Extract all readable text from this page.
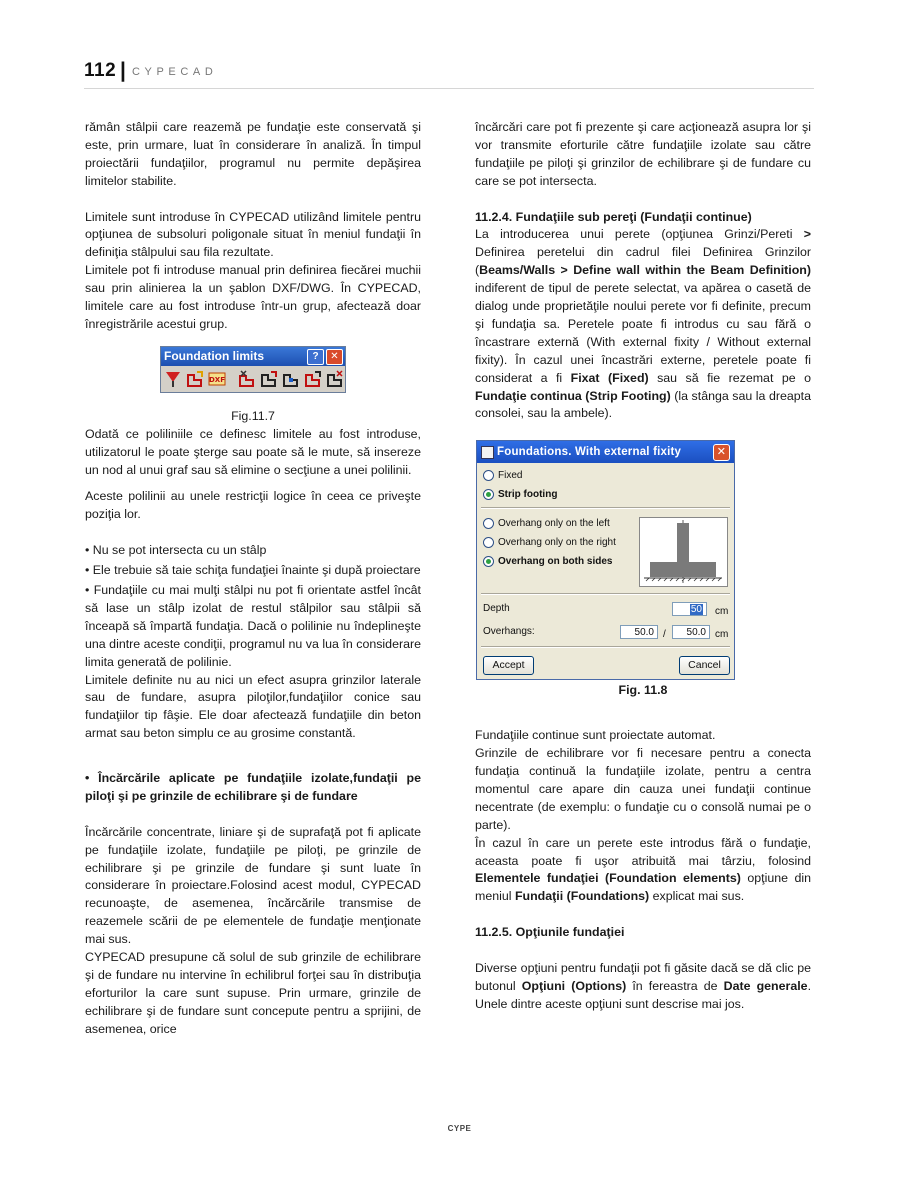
112 | CYPECAD

rămân stâlpii care reazemă pe fundaţie este conservată şi este, prin urmare, luat în considerare în analiză. În timpul proiectării fundaţiilor, programul nu permite depăşirea limitelor stabilite.

Limitele sunt introduse în CYPECAD utilizând limitele pentru opţiunea de subsoluri poligonale situat în meniul fundaţii în definiţia stâlpului sau fila rezultate.

Limitele pot fi introduse manual prin definirea fiecărei muchii sau prin alinierea la un şablon DXF/DWG. În CYPECAD, limitele care au fost introduse într-un grup, afectează doar înregistrările acestui grup.

Foundation limits	?	✕
DXF
Fig.11.7

Odată ce poliliniile ce definesc limitele au fost introduse, utilizatorul le poate şterge sau poate să le mute, să insereze un nod al unui graf sau să elimine o secţiune a unei polilinii.

Aceste polilinii au unele restricţii logice în ceea ce priveşte poziţia lor.

• Nu se pot intersecta cu un stâlp

• Ele trebuie să taie schiţa fundaţiei înainte şi după proiectare

• Fundaţiile cu mai mulţi stâlpi nu pot fi orientate astfel încât să lase un stâlp izolat de restul stâlpilor sau stâlpii să înceapă să împartă fundaţia. Dacă o polilinie nu îndeplineşte una dintre aceste condiţii, programul nu va lua în considerare limita generată de polilinie.

Limitele definite nu au nici un efect asupra grinzilor laterale sau de fundare, asupra piloţilor,fundaţiilor conice sau fundaţiilor tip fâşie. Ele doar afectează fundaţiile din beton armat sau beton simplu ce au grosime constantă.

• Încărcările aplicate pe fundaţiile izolate,fundaţii pe piloţi şi pe grinzile de echilibrare şi de fundare

Încărcările concentrate, liniare şi de suprafaţă pot fi aplicate pe fundaţiile izolate, fundaţiile pe piloţi, pe grinzile de echilibrare şi pe grinzile de fundare şi sunt luate în considerare în proiectare.Folosind acest modul, CYPECAD recunoaşte, de asemenea, încărcările transmise de reazemele scării de pe elementele de fundaţie menţionate mai sus.

CYPECAD presupune că solul de sub grinzile de echilibrare şi de fundare nu intervine în echilibrul forţei sau în distribuţia eforturilor la care sunt supuse. Prin urmare, grinzile de echilibrare şi de fundare sunt concepute pentru a sprijini, de asemenea, orice

încărcări care pot fi prezente şi care acţionează asupra lor şi vor transmite eforturile către fundaţiile izolate sau către fundaţiile pe piloţi şi grinzilor de echilibrare şi de fundare cu care se pot intersecta.

11.2.4. Fundaţiile sub pereţi (Fundaţii continue)

La introducerea unui perete (opţiunea Grinzi/Pereti > Definirea peretelui din cadrul filei Definirea Grinzilor (Beams/Walls > Define wall within the Beam Definition) indiferent de tipul de perete selectat, va apărea o casetă de dialog unde proprietăţile noului perete vor fi definite, precum şi fundaţia sa. Peretele poate fi introdus cu sau fără o încastrare externă (With external fixity / Without external fixity). În cazul unei încastrări externe, peretele poate fi considerat a fi Fixat (Fixed) sau să fie rezemat pe o Fundaţie continua (Strip Footing) (la stânga sau la dreapta consolei, sau la ambele).

Foundations. With external fixity	✕
Fixed
Strip footing
Overhang only on the left
Overhang only on the right
Overhang on both sides
Depth	50	cm
Overhangs:	50.0 /	50.0 cm
Accept	Cancel
Fig. 11.8

Fundaţiile continue sunt proiectate automat.

Grinzile de echilibrare vor fi necesare pentru a conecta fundaţia continuă la fundaţiile izolate, pentru a centra momentul care apare din cauza unei fundaţii continue necentrate (de exemplu: o fundaţie cu o consolă numai pe o parte).

În cazul în care un perete este introdus fără o fundaţie, aceasta poate fi uşor atribuită mai târziu, folosind Elementele fundaţiei (Foundation elements) opţiune din meniul Fundaţii (Foundations) explicat mai sus.

11.2.5. Opţiunile fundaţiei

Diverse opţiuni pentru fundaţii pot fi găsite dacă se dă clic pe butonul Opţiuni (Options) în fereastra de Date generale. Unele dintre aceste opţiuni sunt descrise mai jos.

CYPE
